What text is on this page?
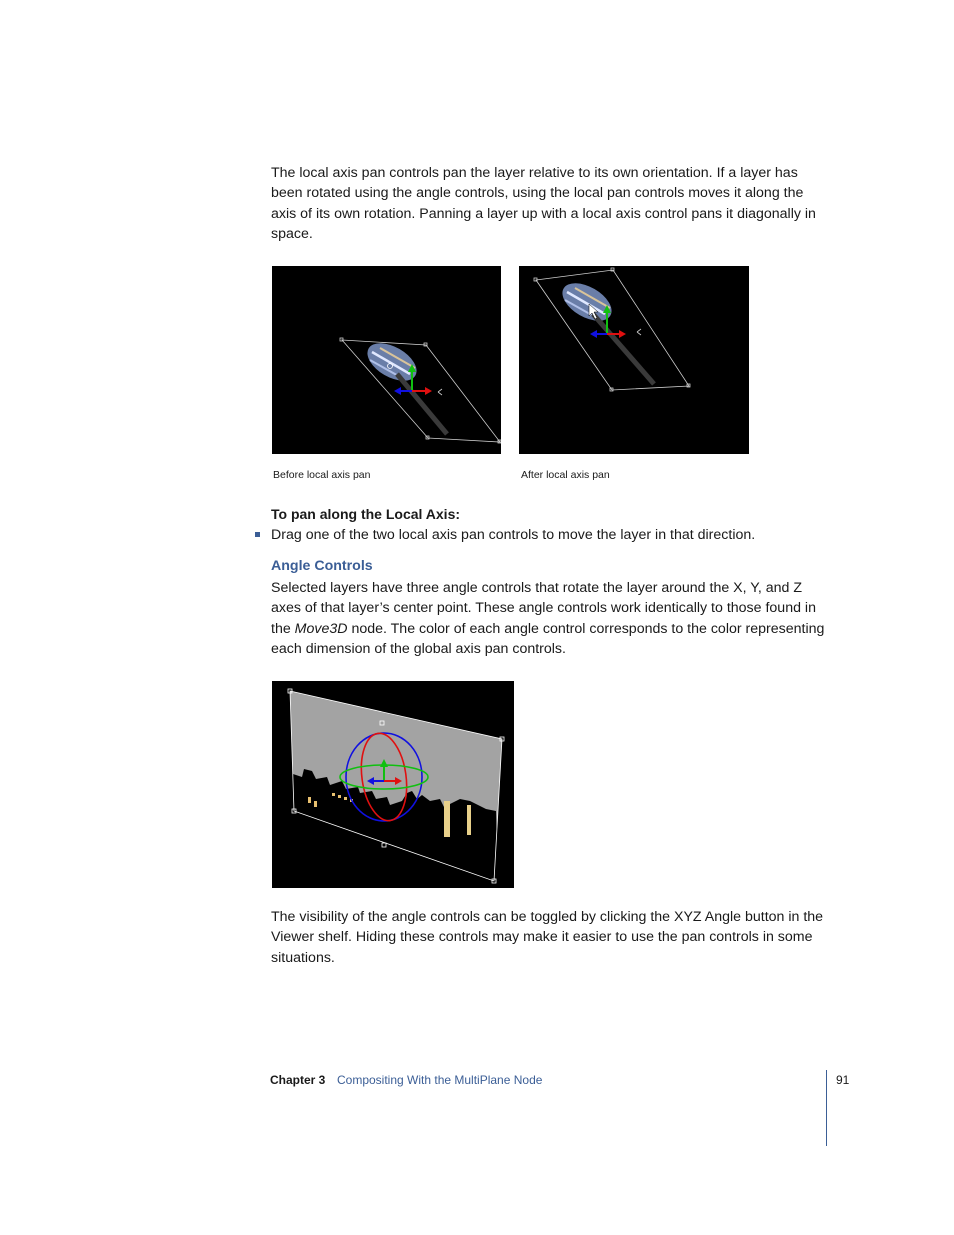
The local axis pan controls pan the layer relative to its own orientation. If a layer has been rotated using the angle controls, using the local pan controls moves it along the axis of its own rotation. Panning a layer up with a local axis control pans it diagonally in space.

Before local axis pan	After local axis pan

To pan along the Local Axis:

Drag one of the two local axis pan controls to move the layer in that direction.
Angle Controls

Selected layers have three angle controls that rotate the layer around the X, Y, and Z axes of that layer’s center point. These angle controls work identically to those found in the Move3D node. The color of each angle control corresponds to the color representing each dimension of the global axis pan controls.

The visibility of the angle controls can be toggled by clicking the XYZ Angle button in the Viewer shelf. Hiding these controls may make it easier to use the pan controls in some situations.

Chapter 3 Compositing With the MultiPlane Node	91
